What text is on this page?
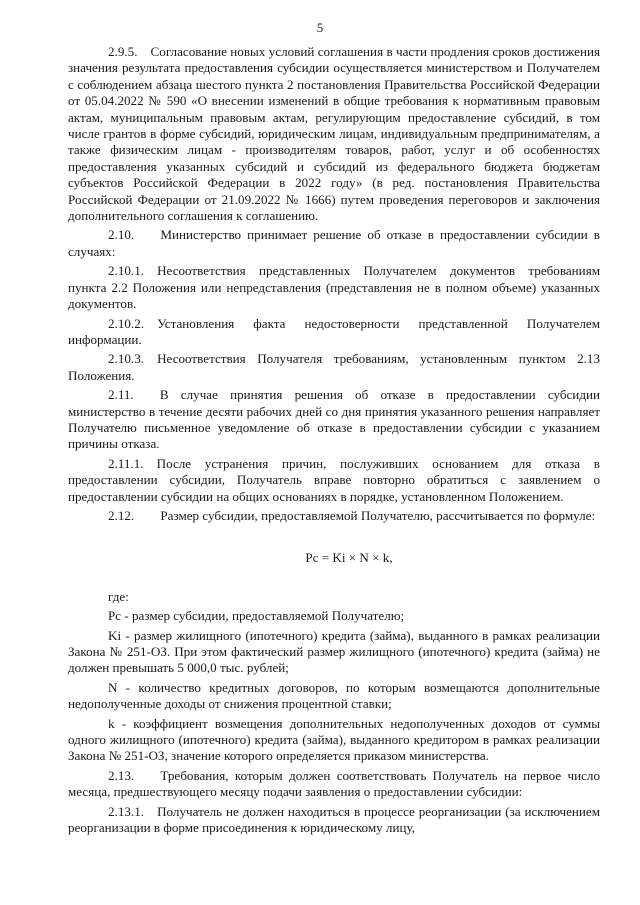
5

2.9.5. Согласование новых условий соглашения в части продления сроков достижения значения результата предоставления субсидии осуществляется министерством и Получателем с соблюдением абзаца шестого пункта 2 постановления Правительства Российской Федерации от 05.04.2022 № 590 «О внесении изменений в общие требования к нормативным правовым актам, муниципальным правовым актам, регулирующим предоставление субсидий, в том числе грантов в форме субсидий, юридическим лицам, индивидуальным предпринимателям, а также физическим лицам - производителям товаров, работ, услуг и об особенностях предоставления указанных субсидий и субсидий из федерального бюджета бюджетам субъектов Российской Федерации в 2022 году» (в ред. постановления Правительства Российской Федерации от 21.09.2022 № 1666) путем проведения переговоров и заключения дополнительного соглашения к соглашению.

2.10.  Министерство принимает решение об отказе в предоставлении субсидии в случаях:

2.10.1. Несоответствия представленных Получателем документов требованиям пункта 2.2 Положения или непредставления (представления не в полном объеме) указанных документов.

2.10.2. Установления факта недостоверности представленной Получателем информации.

2.10.3. Несоответствия Получателя требованиям, установленным пунктом 2.13 Положения.

2.11.  В случае принятия решения об отказе в предоставлении субсидии министерство в течение десяти рабочих дней со дня принятия указанного решения направляет Получателю письменное уведомление об отказе в предоставлении субсидии с указанием причины отказа.

2.11.1. После устранения причин, послуживших основанием для отказа в предоставлении субсидии, Получатель вправе повторно обратиться с заявлением о предоставлении субсидии на общих основаниях в порядке, установленном Положением.

2.12.  Размер субсидии, предоставляемой Получателю, рассчитывается по формуле:

Рс = Ki × N × k,

где:

Рс - размер субсидии, предоставляемой Получателю;

Ki - размер жилищного (ипотечного) кредита (займа), выданного в рамках реализации Закона № 251-ОЗ. При этом фактический размер жилищного (ипотечного) кредита (займа) не должен превышать 5 000,0 тыс. рублей;

N - количество кредитных договоров, по которым возмещаются дополнительные недополученные доходы от снижения процентной ставки;

k - коэффициент возмещения дополнительных недополученных доходов от суммы одного жилищного (ипотечного) кредита (займа), выданного кредитором в рамках реализации Закона № 251-ОЗ, значение которого определяется приказом министерства.

2.13.  Требования, которым должен соответствовать Получатель на первое число месяца, предшествующего месяцу подачи заявления о предоставлении субсидии:

2.13.1. Получатель не должен находиться в процессе реорганизации (за исключением реорганизации в форме присоединения к юридическому лицу,
